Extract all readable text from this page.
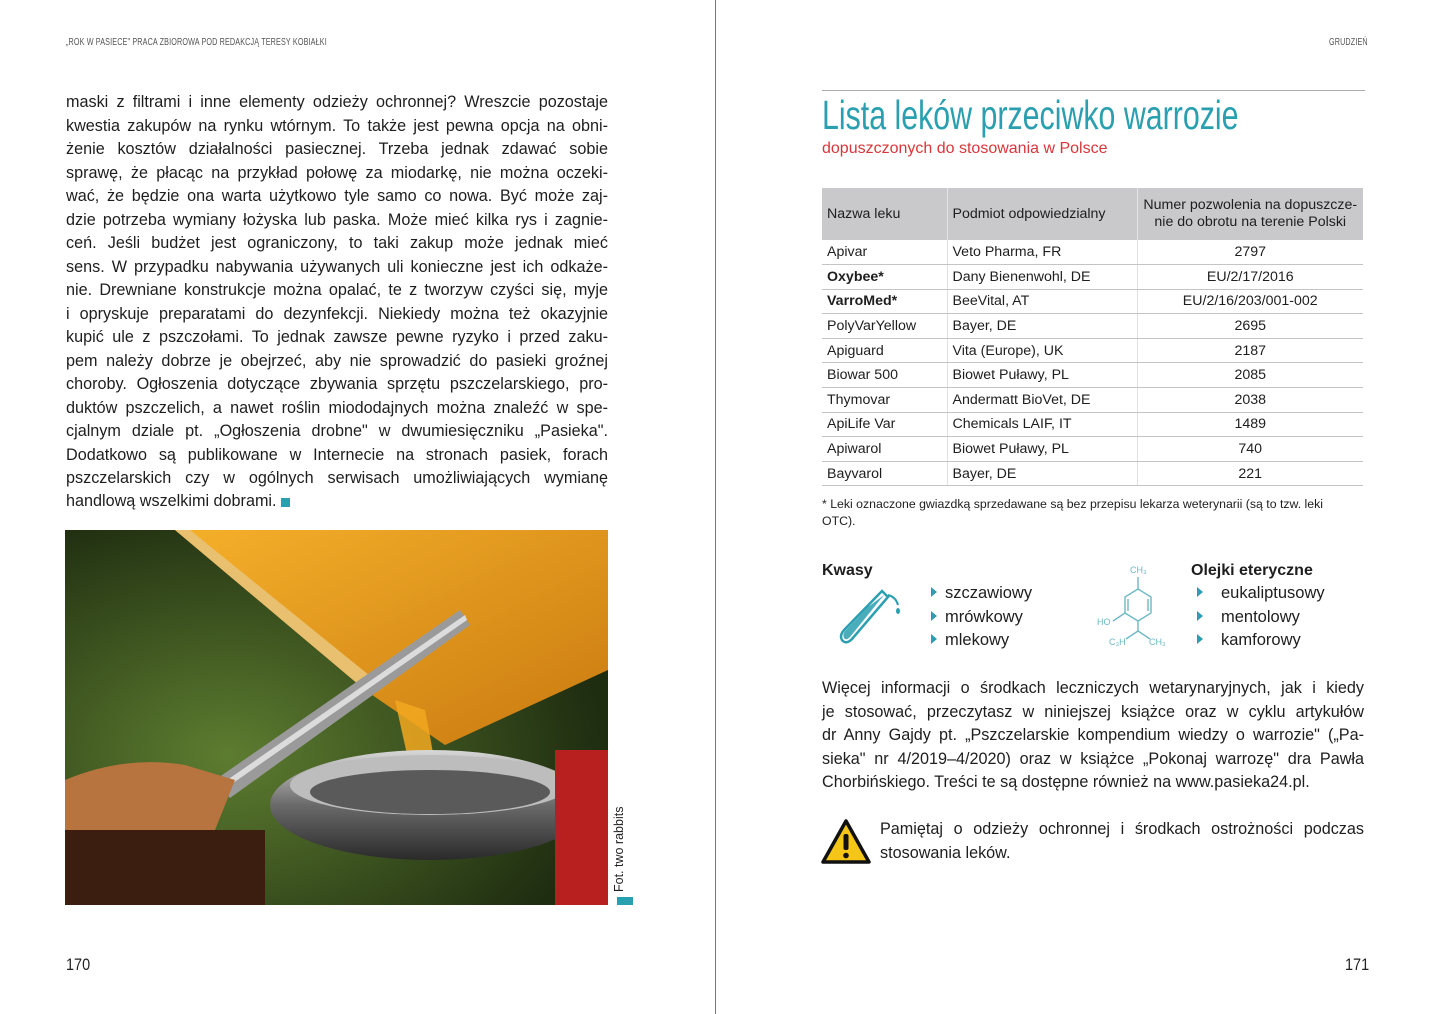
„ROK W PASIECE" PRACA ZBIOROWA POD REDAKCJĄ TERESY KOBIAŁKI	GRUDZIEŃ
maski z filtrami i inne elementy odzieży ochronnej? Wreszcie pozostaje
kwestia zakupów na rynku wtórnym. To także jest pewna opcja na obni-
żenie kosztów działalności pasiecznej. Trzeba jednak zdawać sobie
sprawę, że płacąc na przykład połowę za miodarkę, nie można oczeki-
wać, że będzie ona warta użytkowo tyle samo co nowa. Być może zaj-
dzie potrzeba wymiany łożyska lub paska. Może mieć kilka rys i zagnie-
ceń. Jeśli budżet jest ograniczony, to taki zakup może jednak mieć
sens. W przypadku nabywania używanych uli konieczne jest ich odkaże-
nie. Drewniane konstrukcje można opalać, te z tworzyw czyści się, myje
i opryskuje preparatami do dezynfekcji. Niekiedy można też okazyjnie
kupić ule z pszczołami. To jednak zawsze pewne ryzyko i przed zaku-
pem należy dobrze je obejrzeć, aby nie sprowadzić do pasieki groźnej
choroby. Ogłoszenia dotyczące zbywania sprzętu pszczelarskiego, pro-
duktów pszczelich, a nawet roślin miododajnych można znaleźć w spe-
cjalnym dziale pt. „Ogłoszenia drobne" w dwumiesięczniku „Pasieka".
Dodatkowo są publikowane w Internecie na stronach pasiek, forach
pszczelarskich czy w ogólnych serwisach umożliwiających wymianę
handlową wszelkimi dobrami.
Fot. two rabbits
170	171
Lista leków przeciwko warrozie
dopuszczonych do stosowania w Polsce
Nazwa leku	Podmiot odpowiedzialny	Numer pozwolenia na dopuszcze-nie do obrotu na terenie Polski
Apivar	Veto Pharma, FR	2797
Oxybee*	Dany Bienenwohl, DE	EU/2/17/2016
VarroMed*	BeeVital, AT	EU/2/16/203/001-002
PolyVarYellow	Bayer, DE	2695
Apiguard	Vita (Europe), UK	2187
Biowar 500	Biowet Puławy, PL	2085
Thymovar	Andermatt BioVet, DE	2038
ApiLife Var	Chemicals LAIF, IT	1489
Apiwarol	Biowet Puławy, PL	740
Bayvarol	Bayer, DE	221
* Leki oznaczone gwiazdką sprzedawane są bez przepisu lekarza weterynarii (są to tzw. leki OTC).
Kwasy
szczawiowy
mrówkowy
mlekowy
CH₃
HO
C₃H	CH₃
Olejki eteryczne
eukaliptusowy
mentolowy
kamforowy
Więcej informacji o środkach leczniczych wetarynaryjnych, jak i kiedy
je stosować, przeczytasz w niniejszej książce oraz w cyklu artykułów
dr Anny Gajdy pt. „Pszczelarskie kompendium wiedzy o warrozie" („Pa-
sieka" nr 4/2019–4/2020) oraz w książce „Pokonaj warrozę" dra Pawła
Chorbińskiego. Treści te są dostępne również na www.pasieka24.pl.
Pamiętaj o odzieży ochronnej i środkach ostrożności podczas
stosowania leków.
